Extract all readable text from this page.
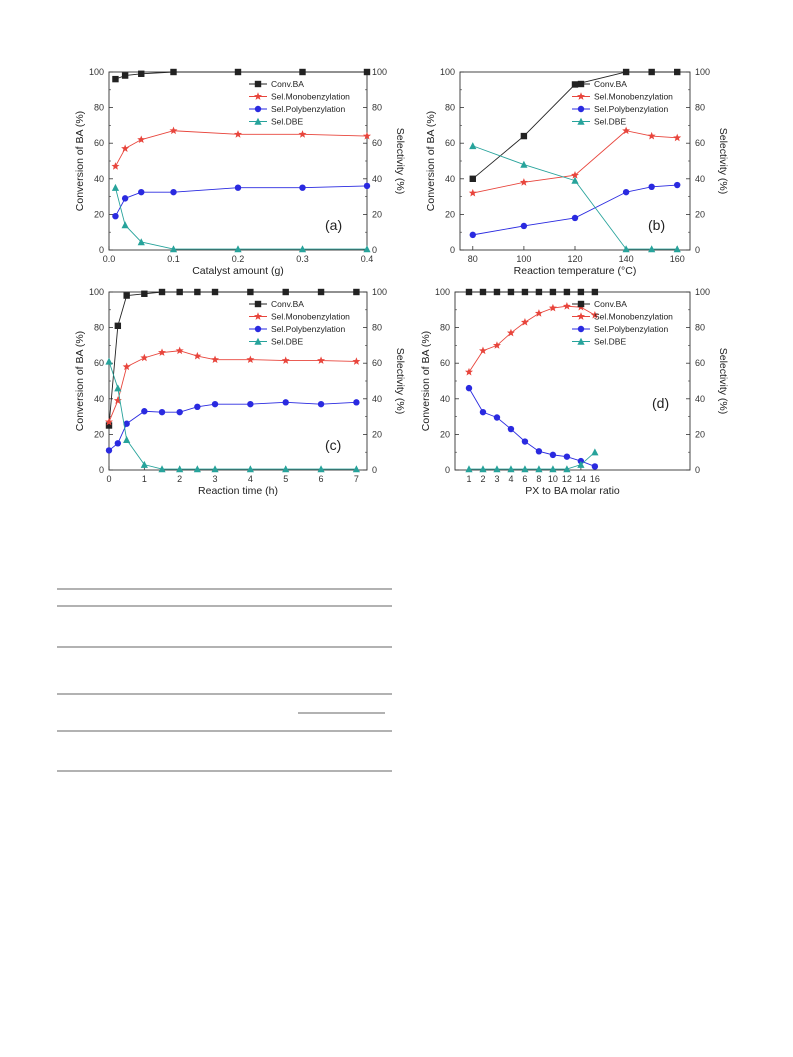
0	0
20	20
40	40
60	60
80	80
100	100
0.0	0.1	0.2	0.3	0.4
Catalyst amount (g)
Conversion of BA (%)	Selectivity (%)
Conv.BA
Sel.Monobenzylation
Sel.Polybenzylation
Sel.DBE
(a)
0	0
20	20
40	40
60	60
80	80
100	100
80	100	120	140	160
Reaction temperature (°C)
Conversion of BA (%)	Selectivity (%)
Conv.BA
Sel.Monobenzylation
Sel.Polybenzylation
Sel.DBE
(b)
0	0
20	20
40	40
60	60
80	80
100	100
0	1	2	3	4	5	6	7
Reaction time (h)
Conversion of BA (%)	Selectivity (%)
Conv.BA
Sel.Monobenzylation
Sel.Polybenzylation
Sel.DBE
(c)
0	0
20	20
40	40
60	60
80	80
100	100
1 2 3 4 6 8 10 12 14 16
PX to BA molar ratio
Conversion of BA (%)	Selectivity (%)
Conv.BA
Sel.Monobenzylation
Sel.Polybenzylation
Sel.DBE
(d)
